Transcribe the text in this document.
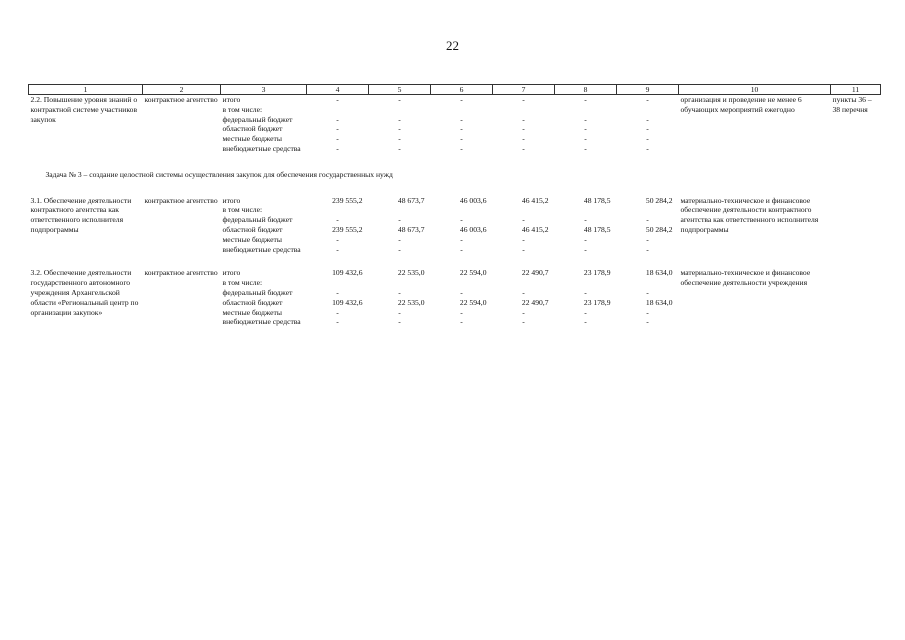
22
1	2	3	4	5	6	7	8	9	10	11
2.2. Повышение уровня знаний о контрактной системе участников закупок	контрактное агентство	итого	-	-	-	-	-	-	организация и проведение не менее 6 обучающих мероприятий ежегодно	пункты 36 – 38 перечня
		в том числе:								
		федеральный бюджет	-	-	-	-	-	-		
		областной бюджет	-	-	-	-	-	-		
		местные бюджеты	-	-	-	-	-	-		
		внебюджетные средства	-	-	-	-	-	-		
Задача № 3 – создание целостной системы осуществления закупок для обеспечения государственных нужд										
3.1. Обеспечение деятельности контрактного агентства как ответственного исполнителя подпрограммы	контрактное агентство	итого	239 555,2	48 673,7	46 003,6	46 415,2	48 178,5	50 284,2	материально-техническое и финансовое обеспечение деятельности контрактного агентства как ответственного исполнителя подпрограммы	
		в том числе:								
		федеральный бюджет	-	-	-	-	-	-		
		областной бюджет	239 555,2	48 673,7	46 003,6	46 415,2	48 178,5	50 284,2		
		местные бюджеты	-	-	-	-	-	-		
		внебюджетные средства	-	-	-	-	-	-		

3.2. Обеспечение деятельности государственного автономного учреждения Архангельской области «Региональный центр по организации закупок»	контрактное агентство	итого	109 432,6	22 535,0	22 594,0	22 490,7	23 178,9	18 634,0	материально-техническое и финансовое обеспечение деятельности учреждения	
		в том числе:								
		федеральный бюджет	-	-	-	-	-	-		
		областной бюджет	109 432,6	22 535,0	22 594,0	22 490,7	23 178,9	18 634,0		
		местные бюджеты	-	-	-	-	-	-		
		внебюджетные средства	-	-	-	-	-	-		
